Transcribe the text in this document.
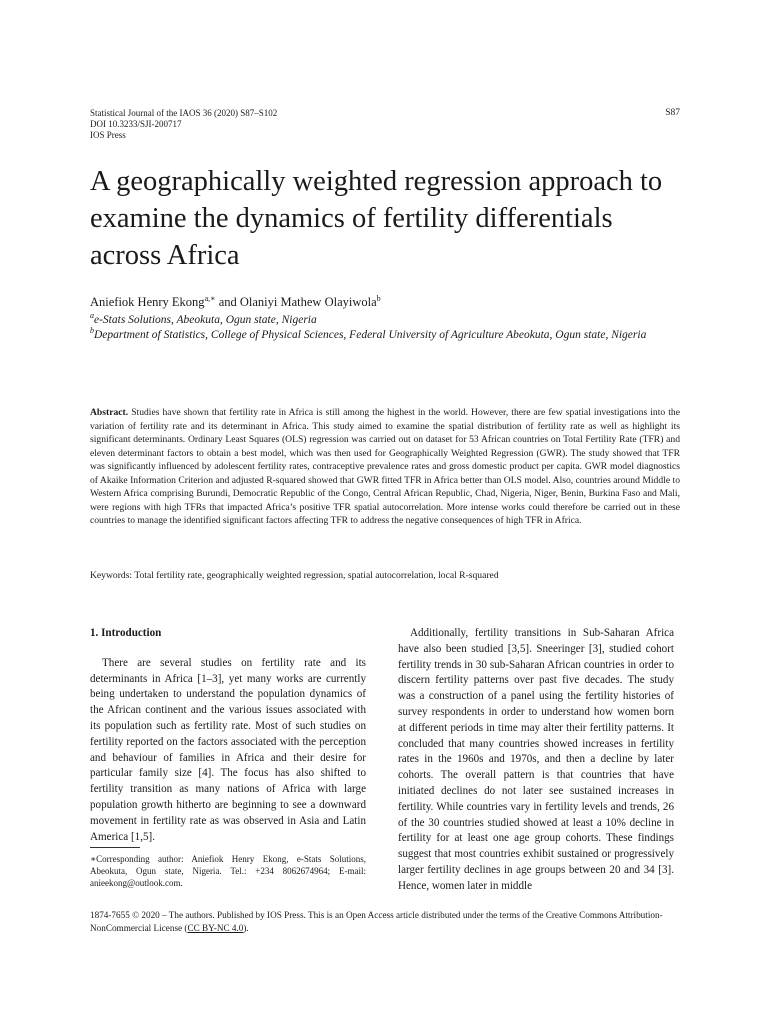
Statistical Journal of the IAOS 36 (2020) S87–S102
DOI 10.3233/SJI-200717
IOS Press
S87
A geographically weighted regression approach to examine the dynamics of fertility differentials across Africa
Aniefiok Henry Ekong$^{a,∗}$ and Olaniyi Mathew Olayiwola$^b$
$^a$e-Stats Solutions, Abeokuta, Ogun state, Nigeria
$^b$Department of Statistics, College of Physical Sciences, Federal University of Agriculture Abeokuta, Ogun state, Nigeria

Abstract. Studies have shown that fertility rate in Africa is still among the highest in the world. However, there are few spatial investigations into the variation of fertility rate and its determinant in Africa. This study aimed to examine the spatial distribution of fertility rate as well as highlight its significant determinants. Ordinary Least Squares (OLS) regression was carried out on dataset for 53 African countries on Total Fertility Rate (TFR) and eleven determinant factors to obtain a best model, which was then used for Geographically Weighted Regression (GWR). The study showed that TFR was significantly influenced by adolescent fertility rates, contraceptive prevalence rates and gross domestic product per capita. GWR model diagnostics of Akaike Information Criterion and adjusted R-squared showed that GWR fitted TFR in Africa better than OLS model. Also, countries around Middle to Western Africa comprising Burundi, Democratic Republic of the Congo, Central African Republic, Chad, Nigeria, Niger, Benin, Burkina Faso and Mali, were regions with high TFRs that impacted Africa’s positive TFR spatial autocorrelation. More intense works could therefore be carried out in these countries to manage the identified significant factors affecting TFR to address the negative consequences of high TFR in Africa.

Keywords: Total fertility rate, geographically weighted regression, spatial autocorrelation, local R-squared
1. Introduction

There are several studies on fertility rate and its determinants in Africa [1–3], yet many works are currently being undertaken to understand the population dynamics of the African continent and the various issues associated with its population such as fertility rate. Most of such studies on fertility reported on the factors associated with the perception and behaviour of families in Africa and their desire for particular family size [4]. The focus has also shifted to fertility transition as many nations of Africa with large population growth hitherto are beginning to see a downward movement in fertility rate as was observed in Asia and Latin America [1,5].

Additionally, fertility transitions in Sub-Saharan Africa have also been studied [3,5]. Sneeringer [3], studied cohort fertility trends in 30 sub-Saharan African countries in order to discern fertility patterns over past five decades. The study was a construction of a panel using the fertility histories of survey respondents in order to understand how women born at different periods in time may alter their fertility patterns. It concluded that many countries showed increases in fertility rates in the 1960s and 1970s, and then a decline by later cohorts. The overall pattern is that countries that have initiated declines do not later see sustained increases in fertility. While countries vary in fertility levels and trends, 26 of the 30 countries studied showed at least a 10% decline in fertility for at least one age group cohorts. These findings suggest that most countries exhibit sustained or progressively larger fertility declines in age groups between 20 and 34 [3]. Hence, women later in middle

∗Corresponding author: Aniefiok Henry Ekong, e-Stats Solutions, Abeokuta, Ogun state, Nigeria. Tel.: +234 8062674964; E-mail: anieekong@outlook.com.

1874-7655 © 2020 – The authors. Published by IOS Press. This is an Open Access article distributed under the terms of the Creative Commons Attribution-NonCommercial License (CC BY-NC 4.0).
